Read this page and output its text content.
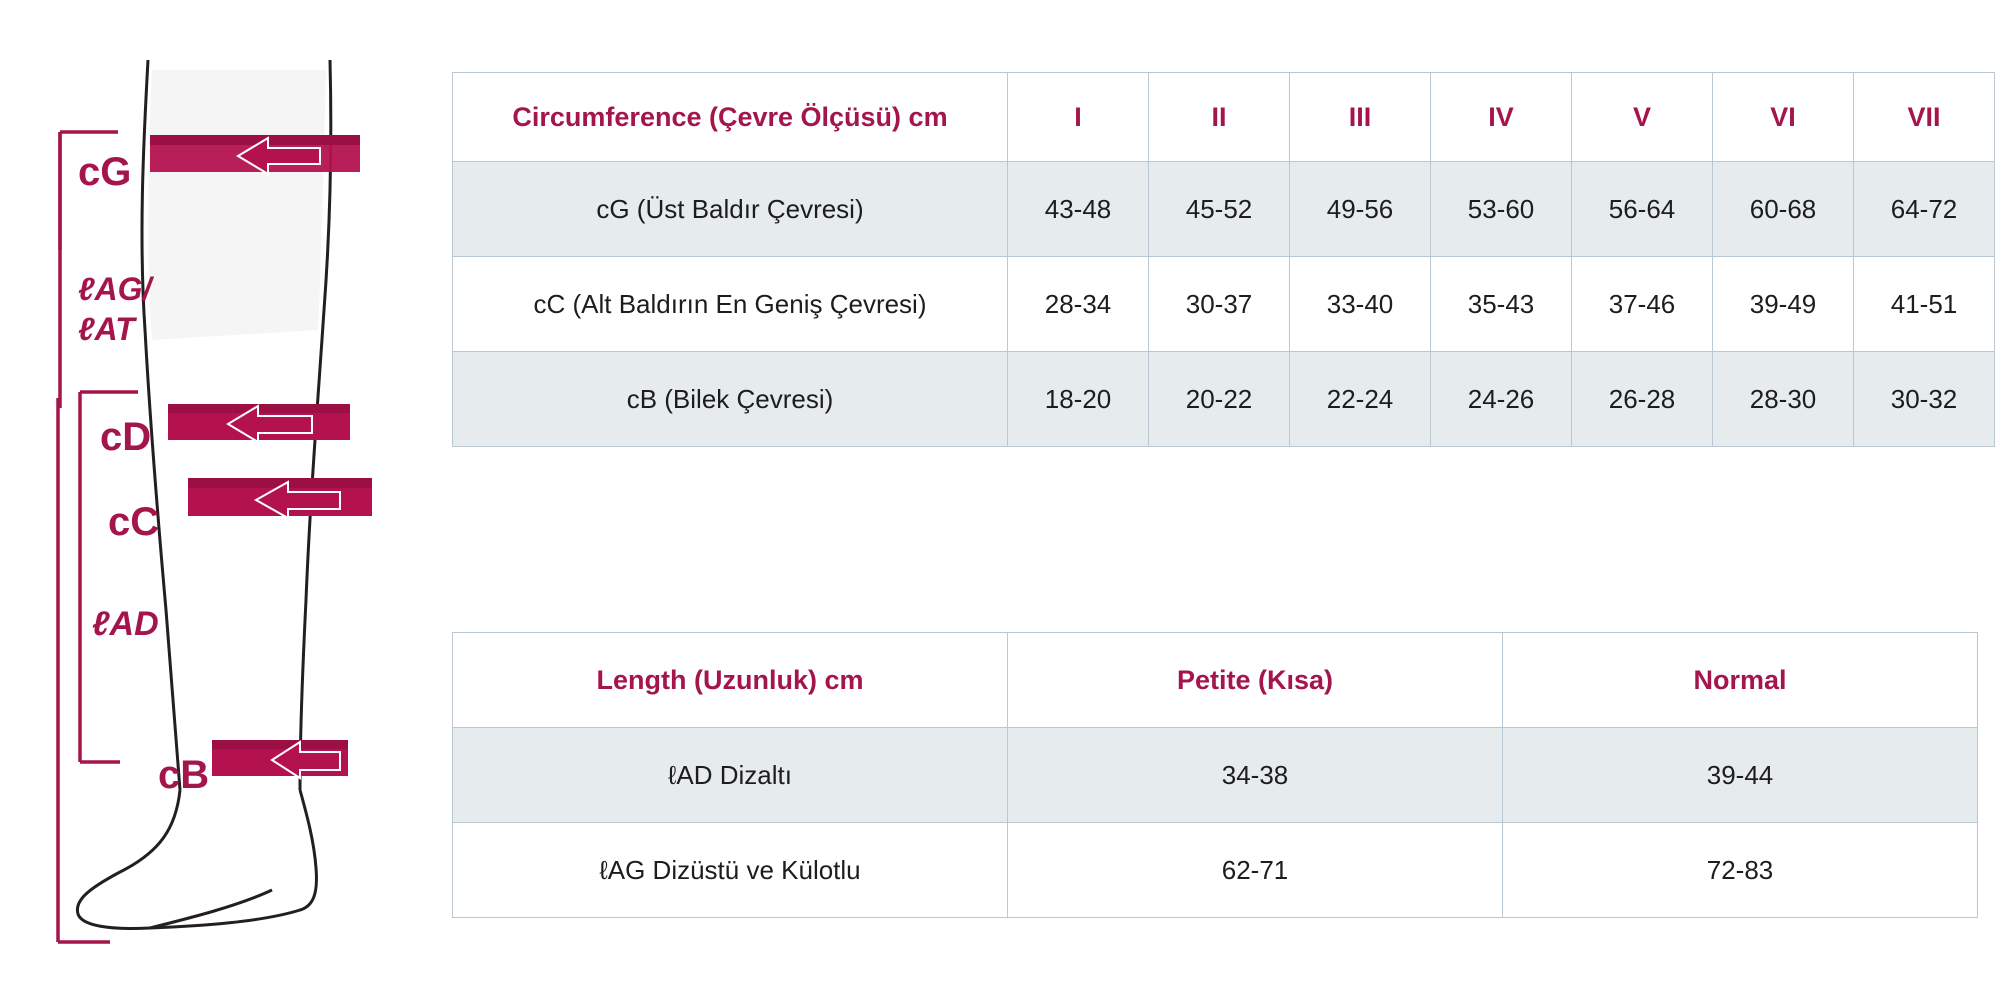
cG
ℓAG/
ℓAT
cD
cC
ℓAD
cB
Circumference (Çevre Ölçüsü) cm	I	II	III	IV	V	VI	VII
cG (Üst Baldır Çevresi)	43-48	45-52	49-56	53-60	56-64	60-68	64-72
cC (Alt Baldırın En Geniş Çevresi)	28-34	30-37	33-40	35-43	37-46	39-49	41-51
cB (Bilek Çevresi)	18-20	20-22	22-24	24-26	26-28	28-30	30-32
Length (Uzunluk) cm	Petite (Kısa)	Normal
ℓAD Dizaltı	34-38	39-44
ℓAG Dizüstü ve Külotlu	62-71	72-83
